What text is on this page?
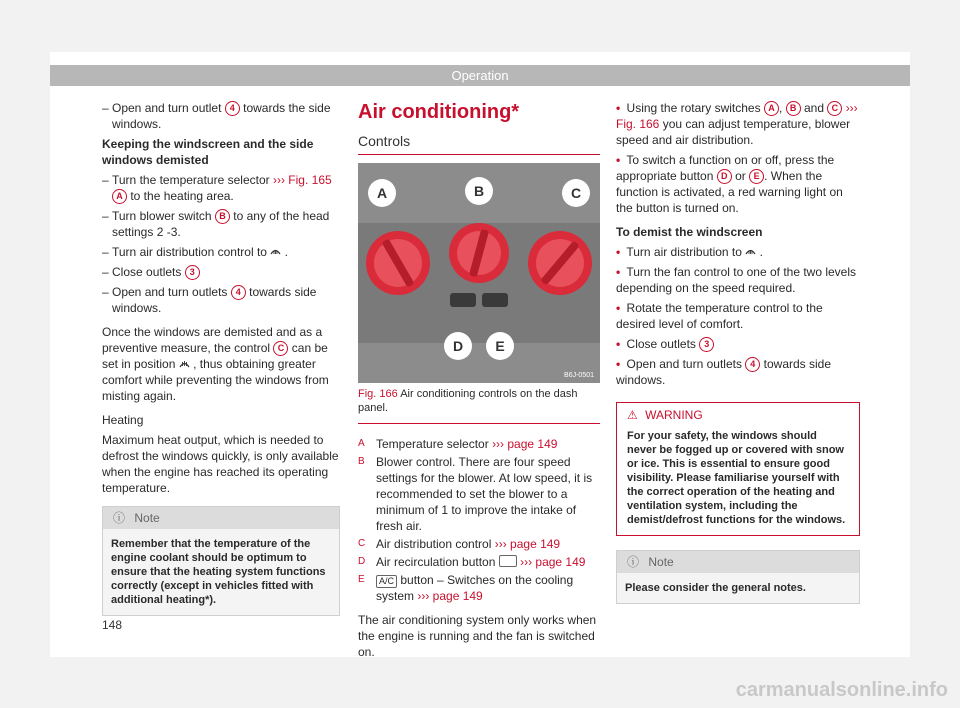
Operation
– Open and turn outlet 4 towards the side windows.

Keeping the windscreen and the side windows demisted

– Turn the temperature selector ››› Fig. 165 A to the heating area.
– Turn blower switch B to any of the head settings 2 -3.
– Turn air distribution control to .
– Close outlets 3
– Open and turn outlets 4 towards side windows.

Once the windows are demisted and as a preventive measure, the control C can be set in position , thus obtaining greater comfort while preventing the windows from misting again.

Heating

Maximum heat output, which is needed to defrost the windows quickly, is only available when the engine has reached its operating temperature.

ⓘ Note
Remember that the temperature of the engine coolant should be optimum to ensure that the heating system functions correctly (except in vehicles fitted with additional heating*).
Air conditioning*
Controls
A	B	C
D E
B6J-0501
Fig. 166 Air conditioning controls on the dash panel.
A Temperature selector ››› page 149
B Blower control. There are four speed settings for the blower. At low speed, it is recommended to set the blower to a minimum of 1 to improve the intake of fresh air.
C Air distribution control ››› page 149
D Air recirculation button ››› page 149
E	A/C button – Switches on the cooling system ››› page 149

The air conditioning system only works when the engine is running and the fan is switched on.

• Using the rotary switches A , B and C ››› Fig. 166 you can adjust temperature, blower speed and air distribution.
• To switch a function on or off, press the appropriate button D or E . When the function is activated, a red warning light on the button is turned on.

To demist the windscreen

• Turn air distribution to .
• Turn the fan control to one of the two levels depending on the speed required.
• Rotate the temperature control to the desired level of comfort.
• Close outlets 3
• Open and turn outlets 4 towards side windows.
⚠ WARNING
For your safety, the windows should never be fogged up or covered with snow or ice. This is essential to ensure good visibility. Please familiarise yourself with the correct operation of the heating and ventilation system, including the demist/defrost functions for the windows.
ⓘ Note
Please consider the general notes.
148
carmanualsonline.info
